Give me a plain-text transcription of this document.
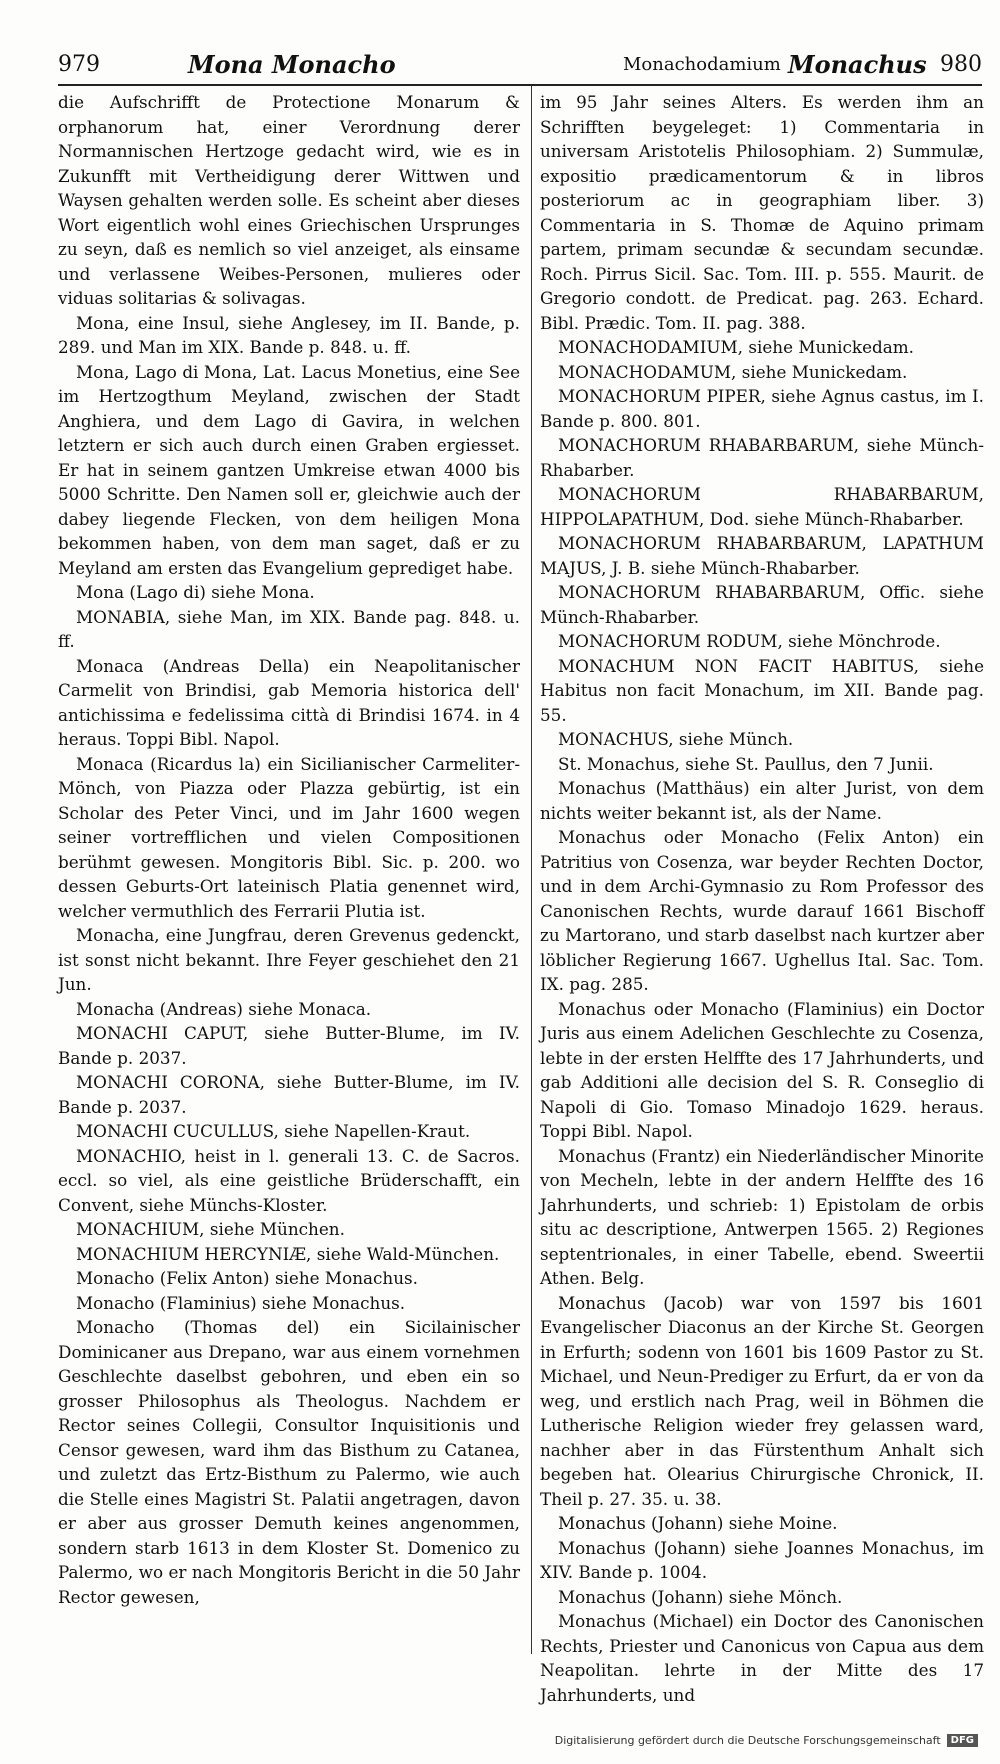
979	Mona Monacho	Monachodamium Monachus 980

die Aufschrifft de Protectione Monarum & orphanorum hat, einer Verordnung derer Normannischen Hertzoge gedacht wird, wie es in Zukunfft mit Vertheidigung derer Wittwen und Waysen gehalten werden solle. Es scheint aber dieses Wort eigentlich wohl eines Griechischen Ursprunges zu seyn, daß es nemlich so viel anzeiget, als einsame und verlassene Weibes-Personen, mulieres oder viduas solitarias & solivagas.

Mona, eine Insul, siehe Anglesey, im II. Bande, p. 289. und Man im XIX. Bande p. 848. u. ff.

Mona, Lago di Mona, Lat. Lacus Monetius, eine See im Hertzogthum Meyland, zwischen der Stadt Anghiera, und dem Lago di Gavira, in welchen letztern er sich auch durch einen Graben ergiesset. Er hat in seinem gantzen Umkreise etwan 4000 bis 5000 Schritte. Den Namen soll er, gleichwie auch der dabey liegende Flecken, von dem heiligen Mona bekommen haben, von dem man saget, daß er zu Meyland am ersten das Evangelium geprediget habe.

Mona (Lago di) siehe Mona.

MONABIA, siehe Man, im XIX. Bande pag. 848. u. ff.

Monaca (Andreas Della) ein Neapolitanischer Carmelit von Brindisi, gab Memoria historica dell' antichissima e fedelissima città di Brindisi 1674. in 4 heraus. Toppi Bibl. Napol.

Monaca (Ricardus la) ein Sicilianischer Carmeliter-Mönch, von Piazza oder Plazza gebürtig, ist ein Scholar des Peter Vinci, und im Jahr 1600 wegen seiner vortrefflichen und vielen Compositionen berühmt gewesen. Mongitoris Bibl. Sic. p. 200. wo dessen Geburts-Ort lateinisch Platia genennet wird, welcher vermuthlich des Ferrarii Plutia ist.

Monacha, eine Jungfrau, deren Grevenus gedenckt, ist sonst nicht bekannt. Ihre Feyer geschiehet den 21 Jun.

Monacha (Andreas) siehe Monaca.

MONACHI CAPUT, siehe Butter-Blume, im IV. Bande p. 2037.

MONACHI CORONA, siehe Butter-Blume, im IV. Bande p. 2037.

MONACHI CUCULLUS, siehe Napellen-Kraut.

MONACHIO, heist in l. generali 13. C. de Sacros. eccl. so viel, als eine geistliche Brüderschafft, ein Convent, siehe Münchs-Kloster.

MONACHIUM, siehe München.

MONACHIUM HERCYNIÆ, siehe Wald-München.

Monacho (Felix Anton) siehe Monachus.

Monacho (Flaminius) siehe Monachus.

Monacho (Thomas del) ein Sicilainischer Dominicaner aus Drepano, war aus einem vornehmen Geschlechte daselbst gebohren, und eben ein so grosser Philosophus als Theologus. Nachdem er Rector seines Collegii, Consultor Inquisitionis und Censor gewesen, ward ihm das Bisthum zu Catanea, und zuletzt das Ertz-Bisthum zu Palermo, wie auch die Stelle eines Magistri St. Palatii angetragen, davon er aber aus grosser Demuth keines angenommen, sondern starb 1613 in dem Kloster St. Domenico zu Palermo, wo er nach Mongitoris Bericht in die 50 Jahr Rector gewesen,

im 95 Jahr seines Alters. Es werden ihm an Schrifften beygeleget: 1) Commentaria in universam Aristotelis Philosophiam. 2) Summulæ, expositio prædicamentorum & in libros posteriorum ac in geographiam liber. 3) Commentaria in S. Thomæ de Aquino primam partem, primam secundæ & secundam secundæ. Roch. Pirrus Sicil. Sac. Tom. III. p. 555. Maurit. de Gregorio condott. de Predicat. pag. 263. Echard. Bibl. Prædic. Tom. II. pag. 388.

MONACHODAMIUM, siehe Munickedam.

MONACHODAMUM, siehe Munickedam.

MONACHORUM PIPER, siehe Agnus castus, im I. Bande p. 800. 801.

MONACHORUM RHABARBARUM, siehe Münch-Rhabarber.

MONACHORUM RHABARBARUM, HIPPOLAPATHUM, Dod. siehe Münch-Rhabarber.

MONACHORUM RHABARBARUM, LAPATHUM MAJUS, J. B. siehe Münch-Rhabarber.

MONACHORUM RHABARBARUM, Offic. siehe Münch-Rhabarber.

MONACHORUM RODUM, siehe Mönchrode.

MONACHUM NON FACIT HABITUS, siehe Habitus non facit Monachum, im XII. Bande pag. 55.

MONACHUS, siehe Münch.

St. Monachus, siehe St. Paullus, den 7 Junii.

Monachus (Matthäus) ein alter Jurist, von dem nichts weiter bekannt ist, als der Name.

Monachus oder Monacho (Felix Anton) ein Patritius von Cosenza, war beyder Rechten Doctor, und in dem Archi-Gymnasio zu Rom Professor des Canonischen Rechts, wurde darauf 1661 Bischoff zu Martorano, und starb daselbst nach kurtzer aber löblicher Regierung 1667. Ughellus Ital. Sac. Tom. IX. pag. 285.

Monachus oder Monacho (Flaminius) ein Doctor Juris aus einem Adelichen Geschlechte zu Cosenza, lebte in der ersten Helffte des 17 Jahrhunderts, und gab Additioni alle decision del S. R. Conseglio di Napoli di Gio. Tomaso Minadojo 1629. heraus. Toppi Bibl. Napol.

Monachus (Frantz) ein Niederländischer Minorite von Mecheln, lebte in der andern Helffte des 16 Jahrhunderts, und schrieb: 1) Epistolam de orbis situ ac descriptione, Antwerpen 1565. 2) Regiones septentrionales, in einer Tabelle, ebend. Sweertii Athen. Belg.

Monachus (Jacob) war von 1597 bis 1601 Evangelischer Diaconus an der Kirche St. Georgen in Erfurth; sodenn von 1601 bis 1609 Pastor zu St. Michael, und Neun-Prediger zu Erfurt, da er von da weg, und erstlich nach Prag, weil in Böhmen die Lutherische Religion wieder frey gelassen ward, nachher aber in das Fürstenthum Anhalt sich begeben hat. Olearius Chirurgische Chronick, II. Theil p. 27. 35. u. 38.

Monachus (Johann) siehe Moine.

Monachus (Johann) siehe Joannes Monachus, im XIV. Bande p. 1004.

Monachus (Johann) siehe Mönch.

Monachus (Michael) ein Doctor des Canonischen Rechts, Priester und Canonicus von Capua aus dem Neapolitan. lehrte in der Mitte des 17 Jahrhunderts, und

Digitalisierung gefördert durch die Deutsche Forschungsgemeinschaft	DFG
